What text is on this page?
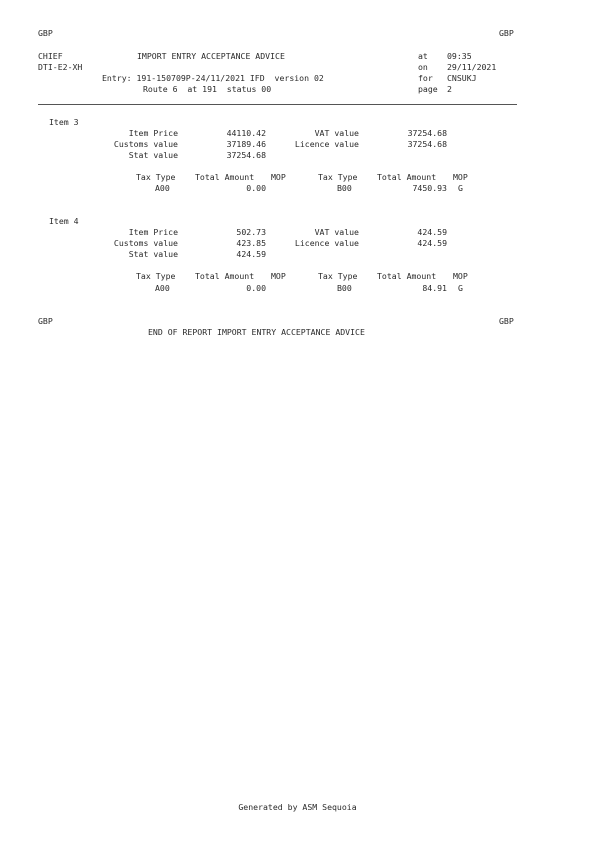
GBP	GBP
CHIEF	IMPORT ENTRY ACCEPTANCE ADVICE	at 09:35
DTI-E2-XH	on 29/11/2021
Entry: 191-150709P-24/11/2021 IFD  version 02	for CNSUKJ
Route 6  at 191  status 00	page 2
Item 3
Item Price	44110.42	VAT value	37254.68
Customs value	37189.46	Licence value	37254.68
Stat value	37254.68
Tax Type Total Amount MOP	Tax Type Total Amount MOP
A00	0.00	B00	7450.93 G
Item 4
Item Price	502.73	VAT value	424.59
Customs value	423.85	Licence value	424.59
Stat value	424.59
Tax Type Total Amount MOP	Tax Type Total Amount MOP
A00	0.00	B00	84.91 G
GBP	GBP
END OF REPORT IMPORT ENTRY ACCEPTANCE ADVICE
Generated by ASM Sequoia
